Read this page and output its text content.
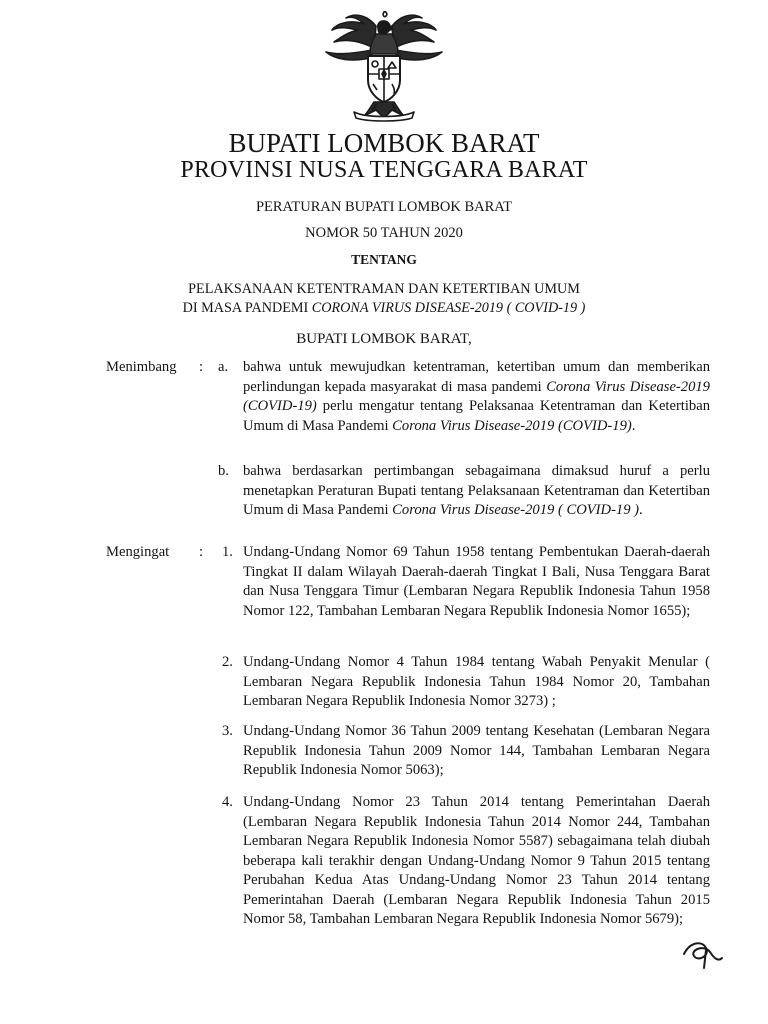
BUPATI LOMBOK BARAT
PROVINSI NUSA TENGGARA BARAT
PERATURAN BUPATI LOMBOK BARAT
NOMOR 50 TAHUN 2020
TENTANG
PELAKSANAAN KETENTRAMAN DAN KETERTIBAN UMUM
DI MASA PANDEMI CORONA VIRUS DISEASE-2019 ( COVID-19 )
BUPATI LOMBOK BARAT,
Menimbang : a. bahwa untuk mewujudkan ketentraman, ketertiban umum dan memberikan perlindungan kepada masyarakat di masa pandemi Corona Virus Disease-2019 (COVID-19) perlu mengatur tentang Pelaksanaa Ketentraman dan Ketertiban Umum di Masa Pandemi Corona Virus Disease-2019 (COVID-19).
b. bahwa berdasarkan pertimbangan sebagaimana dimaksud huruf a perlu menetapkan Peraturan Bupati tentang Pelaksanaan Ketentraman dan Ketertiban Umum di Masa Pandemi Corona Virus Disease-2019 ( COVID-19 ).
Mengingat : 1. Undang-Undang Nomor 69 Tahun 1958 tentang Pembentukan Daerah-daerah Tingkat II dalam Wilayah Daerah-daerah Tingkat I Bali, Nusa Tenggara Barat dan Nusa Tenggara Timur (Lembaran Negara Republik Indonesia Tahun 1958 Nomor 122, Tambahan Lembaran Negara Republik Indonesia Nomor 1655);
2. Undang-Undang Nomor 4 Tahun 1984 tentang Wabah Penyakit Menular ( Lembaran Negara Republik Indonesia Tahun 1984 Nomor 20, Tambahan Lembaran Negara Republik Indonesia Nomor 3273) ;
3. Undang-Undang Nomor 36 Tahun 2009 tentang Kesehatan (Lembaran Negara Republik Indonesia Tahun 2009 Nomor 144, Tambahan Lembaran Negara Republik Indonesia Nomor 5063);
4. Undang-Undang Nomor 23 Tahun 2014 tentang Pemerintahan Daerah (Lembaran Negara Republik Indonesia Tahun 2014 Nomor 244, Tambahan Lembaran Negara Republik Indonesia Nomor 5587) sebagaimana telah diubah beberapa kali terakhir dengan Undang-Undang Nomor 9 Tahun 2015 tentang Perubahan Kedua Atas Undang-Undang Nomor 23 Tahun 2014 tentang Pemerintahan Daerah (Lembaran Negara Republik Indonesia Tahun 2015 Nomor 58, Tambahan Lembaran Negara Republik Indonesia Nomor 5679);
